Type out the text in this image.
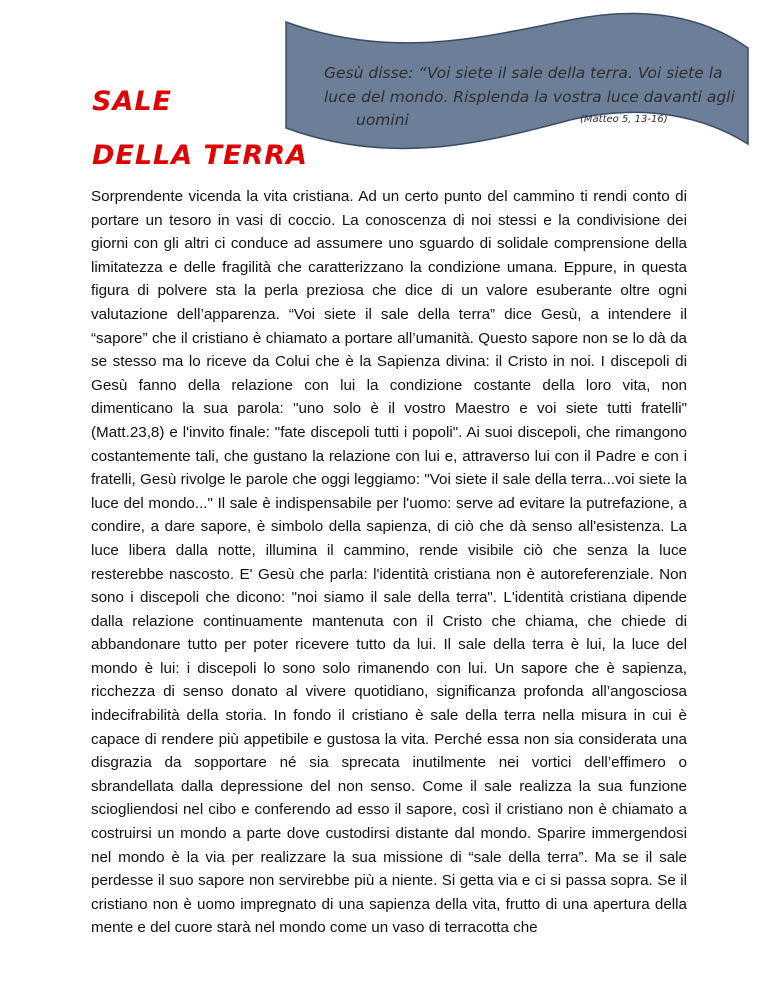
SALE
DELLA TERRA
Gesù disse: “Voi siete il sale della terra. Voi siete la
luce del mondo. Risplenda la vostra luce davanti agli
uomini	(Matteo 5, 13-16)

Sorprendente vicenda la vita cristiana. Ad un certo punto del cammino ti rendi conto di portare un tesoro in vasi di coccio. La conoscenza di noi stessi e la condivisione dei giorni con gli altri ci conduce ad assumere uno sguardo di solidale comprensione della limitatezza e delle fragilità che caratterizzano la condizione umana. Eppure, in questa figura di polvere sta la perla preziosa che dice di un valore esuberante oltre ogni valutazione dell’apparenza. “Voi siete il sale della terra” dice Gesù, a intendere il “sapore” che il cristiano è chiamato a portare all’umanità. Questo sapore non se lo dà da se stesso ma lo riceve da Colui che è la Sapienza divina: il Cristo in noi. I discepoli di Gesù fanno della relazione con lui la condizione costante della loro vita, non dimenticano la sua parola: "uno solo è il vostro Maestro e voi siete tutti fratelli" (Matt.23,8) e l'invito finale: "fate discepoli tutti i popoli". Ai suoi discepoli, che rimangono costantemente tali, che gustano la relazione con lui e, attraverso lui con il Padre e con i fratelli, Gesù rivolge le parole che oggi leggiamo: "Voi siete il sale della terra...voi siete la luce del mondo..." Il sale è indispensabile per l'uomo: serve ad evitare la putrefazione, a condire, a dare sapore, è simbolo della sapienza, di ciò che dà senso all'esistenza. La luce libera dalla notte, illumina il cammino, rende visibile ciò che senza la luce resterebbe nascosto. E' Gesù che parla: l'identità cristiana non è autoreferenziale. Non sono i discepoli che dicono: "noi siamo il sale della terra". L'identità cristiana dipende dalla relazione continuamente mantenuta con il Cristo che chiama, che chiede di abbandonare tutto per poter ricevere tutto da lui. Il sale della terra è lui, la luce del mondo è lui: i discepoli lo sono solo rimanendo con lui. Un sapore che è sapienza, ricchezza di senso donato al vivere quotidiano, significanza profonda all’angosciosa indecifrabilità della storia. In fondo il cristiano è sale della terra nella misura in cui è capace di rendere più appetibile e gustosa la vita. Perché essa non sia considerata una disgrazia da sopportare né sia sprecata inutilmente nei vortici dell’effimero o sbrandellata dalla depressione del non senso. Come il sale realizza la sua funzione sciogliendosi nel cibo e conferendo ad esso il sapore, così il cristiano non è chiamato a costruirsi un mondo a parte dove custodirsi distante dal mondo. Sparire immergendosi nel mondo è la via per realizzare la sua missione di “sale della terra”. Ma se il sale perdesse il suo sapore non servirebbe più a niente. Si getta via e ci si passa sopra. Se il cristiano non è uomo impregnato di una sapienza della vita, frutto di una apertura della mente e del cuore starà nel mondo come un vaso di terracotta che
